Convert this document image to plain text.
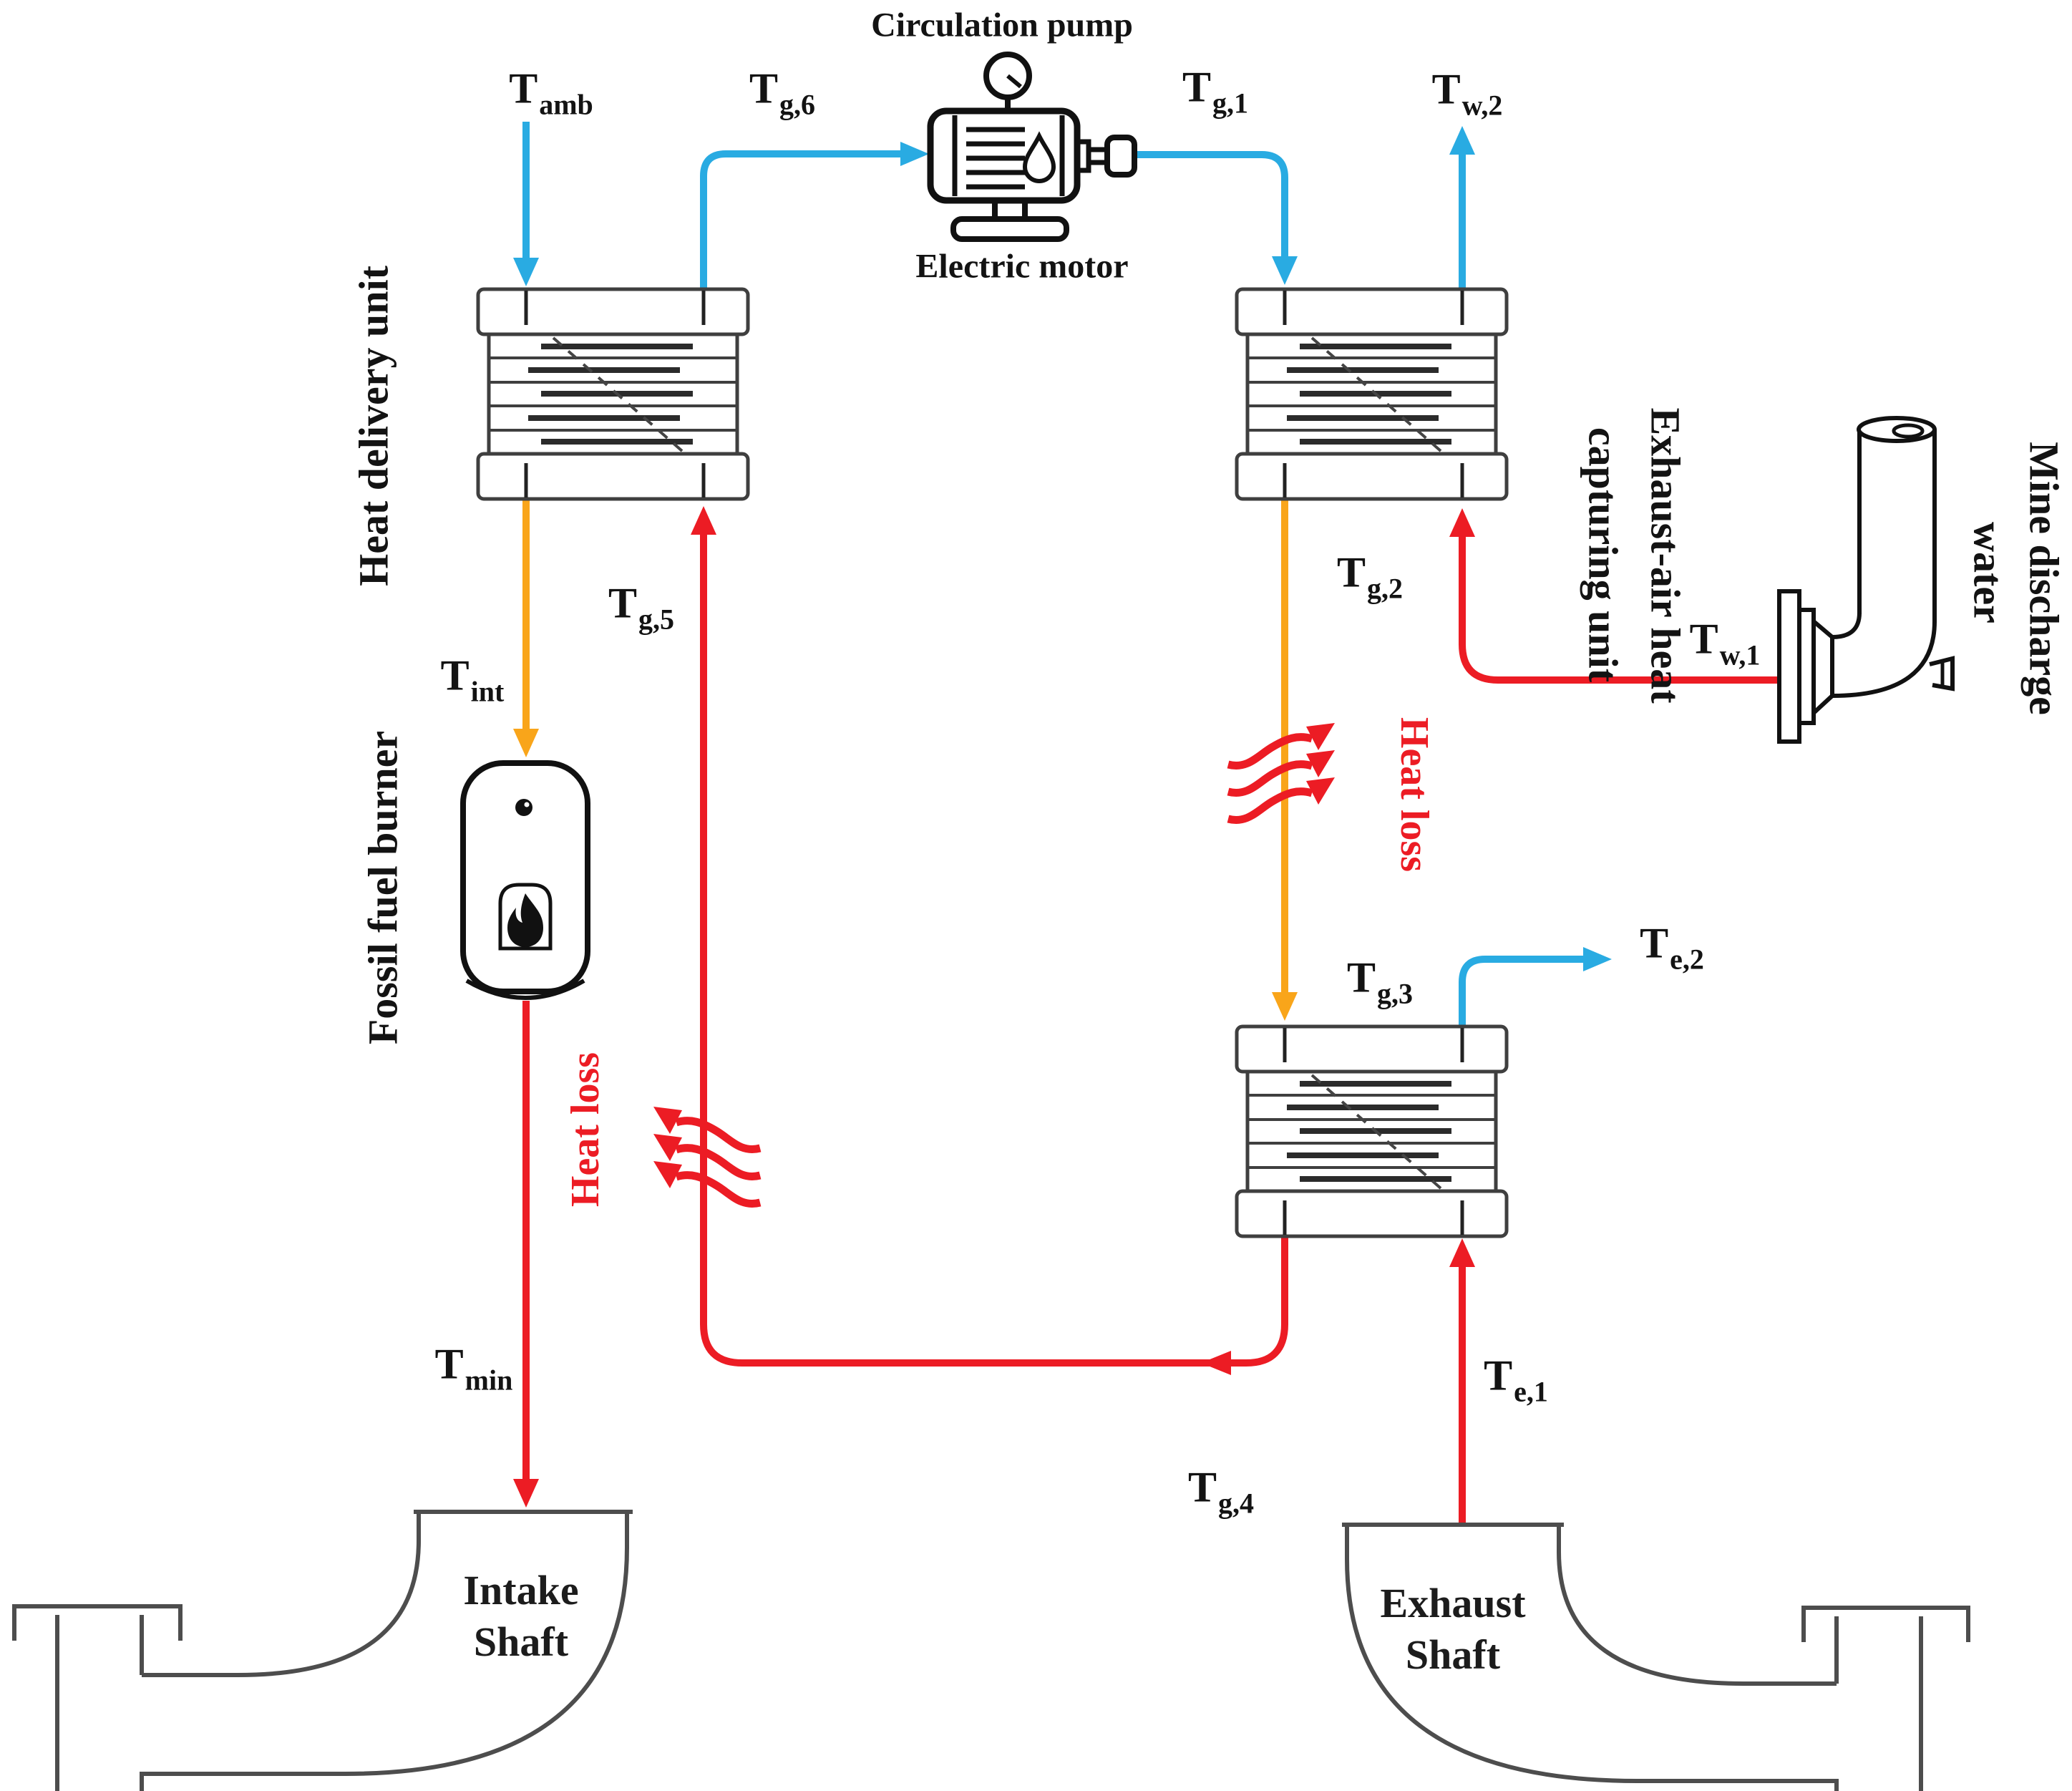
Circulation pump
Electric motor
$T_{amb}$	$T_{g,6}$	$T_{g,1}$	$T_{w,2}$
$T_{g,5}$
$T_{int}$
$T_{g,2}$
$T_{w,1}$
$T_{g,3}$
$T_{e,2}$
$T_{min}$
$T_{g,4}$
$T_{e,1}$
Heat delivery unit
Fossil fuel burner
Exhaust-air heat
capturing unit	Mine discharge
water
Heat loss
Heat loss
Intake
Shaft
Exhaust
Shaft
